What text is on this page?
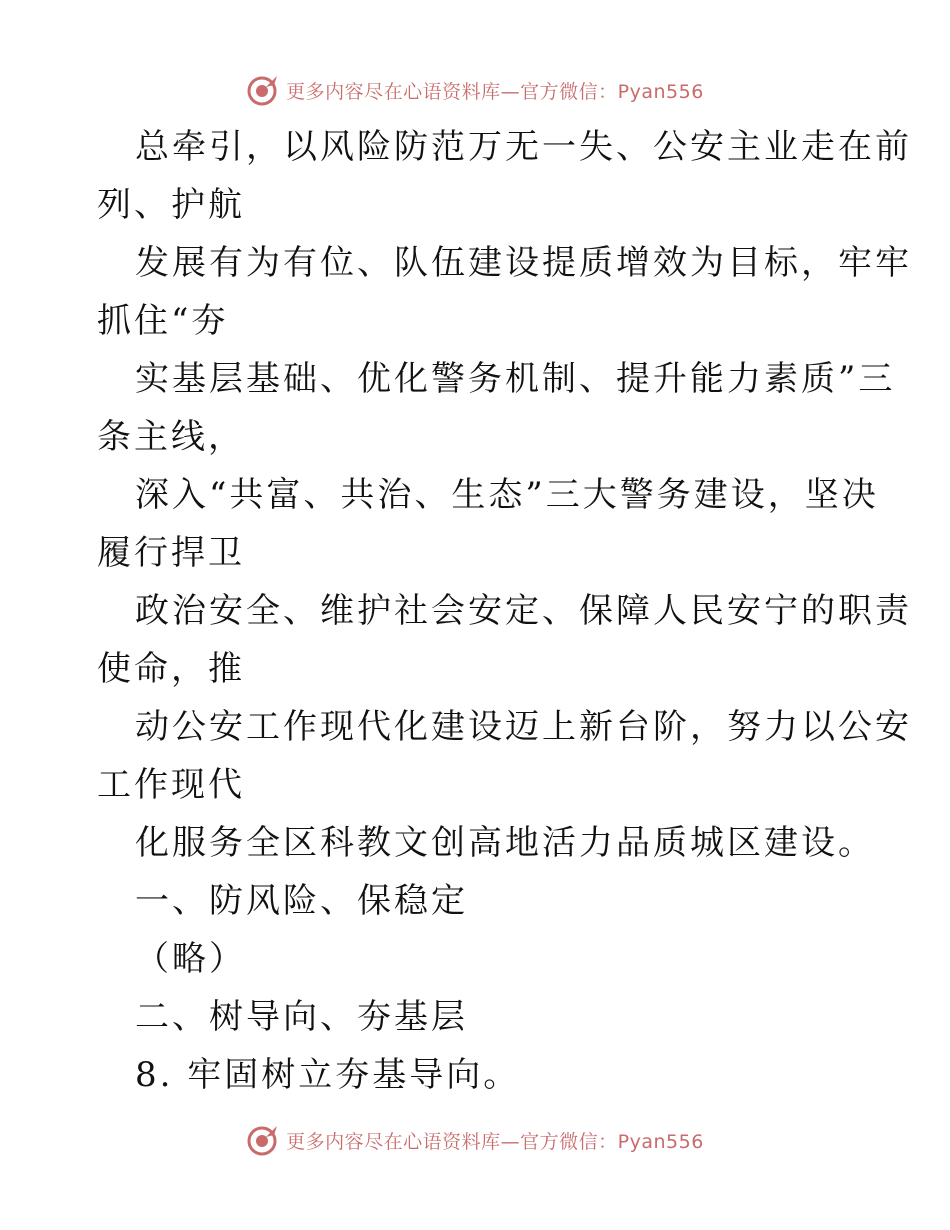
更多内容尽在心语资料库—官方微信：Pyan556
总牵引，以风险防范万无一失、公安主业走在前
列、护航
发展有为有位、队伍建设提质增效为目标，牢牢
抓住“夯
实基层基础、优化警务机制、提升能力素质”三
条主线，
深入“共富、共治、生态”三大警务建设，坚决
履行捍卫
政治安全、维护社会安定、保障人民安宁的职责
使命，推
动公安工作现代化建设迈上新台阶，努力以公安
工作现代
化服务全区科教文创高地活力品质城区建设。
一、防风险、保稳定
（略）
二、树导向、夯基层
8. 牢固树立夯基导向。
更多内容尽在心语资料库—官方微信：Pyan556
